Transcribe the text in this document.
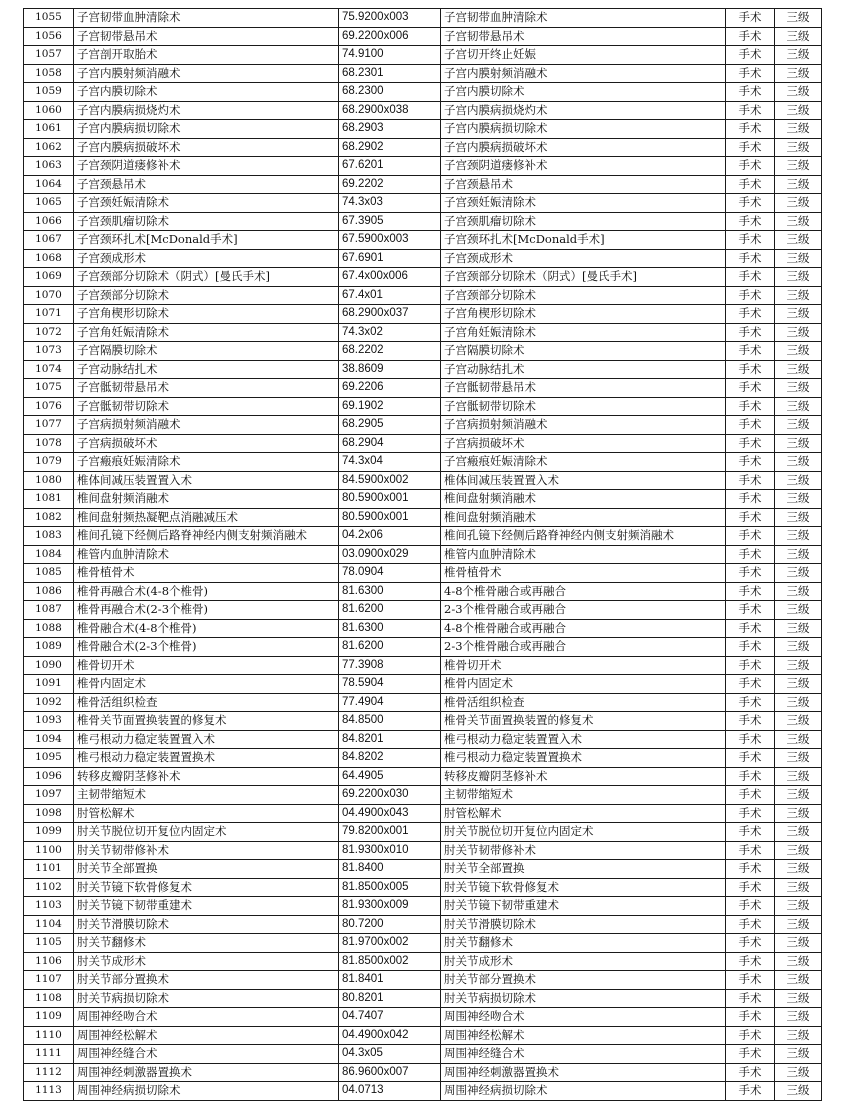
1055	子宫韧带血肿清除术	75.9200x003	子宫韧带血肿清除术	手术	三级
1056	子宫韧带悬吊术	69.2200x006	子宫韧带悬吊术	手术	三级
1057	子宫剖开取胎术	74.9100	子宫切开终止妊娠	手术	三级
1058	子宫内膜射频消融术	68.2301	子宫内膜射频消融术	手术	三级
1059	子宫内膜切除术	68.2300	子宫内膜切除术	手术	三级
1060	子宫内膜病损烧灼术	68.2900x038	子宫内膜病损烧灼术	手术	三级
1061	子宫内膜病损切除术	68.2903	子宫内膜病损切除术	手术	三级
1062	子宫内膜病损破坏术	68.2902	子宫内膜病损破坏术	手术	三级
1063	子宫颈阴道瘘修补术	67.6201	子宫颈阴道瘘修补术	手术	三级
1064	子宫颈悬吊术	69.2202	子宫颈悬吊术	手术	三级
1065	子宫颈妊娠清除术	74.3x03	子宫颈妊娠清除术	手术	三级
1066	子宫颈肌瘤切除术	67.3905	子宫颈肌瘤切除术	手术	三级
1067	子宫颈环扎术[McDonald手术]	67.5900x003	子宫颈环扎术[McDonald手术]	手术	三级
1068	子宫颈成形术	67.6901	子宫颈成形术	手术	三级
1069	子宫颈部分切除术（阴式）[曼氏手术]	67.4x00x006	子宫颈部分切除术（阴式）[曼氏手术]	手术	三级
1070	子宫颈部分切除术	67.4x01	子宫颈部分切除术	手术	三级
1071	子宫角楔形切除术	68.2900x037	子宫角楔形切除术	手术	三级
1072	子宫角妊娠清除术	74.3x02	子宫角妊娠清除术	手术	三级
1073	子宫隔膜切除术	68.2202	子宫隔膜切除术	手术	三级
1074	子宫动脉结扎术	38.8609	子宫动脉结扎术	手术	三级
1075	子宫骶韧带悬吊术	69.2206	子宫骶韧带悬吊术	手术	三级
1076	子宫骶韧带切除术	69.1902	子宫骶韧带切除术	手术	三级
1077	子宫病损射频消融术	68.2905	子宫病损射频消融术	手术	三级
1078	子宫病损破坏术	68.2904	子宫病损破坏术	手术	三级
1079	子宫瘢痕妊娠清除术	74.3x04	子宫瘢痕妊娠清除术	手术	三级
1080	椎体间减压装置置入术	84.5900x002	椎体间减压装置置入术	手术	三级
1081	椎间盘射频消融术	80.5900x001	椎间盘射频消融术	手术	三级
1082	椎间盘射频热凝靶点消融减压术	80.5900x001	椎间盘射频消融术	手术	三级
1083	椎间孔镜下经侧后路脊神经内侧支射频消融术	04.2x06	椎间孔镜下经侧后路脊神经内侧支射频消融术	手术	三级
1084	椎管内血肿清除术	03.0900x029	椎管内血肿清除术	手术	三级
1085	椎骨植骨术	78.0904	椎骨植骨术	手术	三级
1086	椎骨再融合术(4-8个椎骨)	81.6300	4-8个椎骨融合或再融合	手术	三级
1087	椎骨再融合术(2-3个椎骨)	81.6200	2-3个椎骨融合或再融合	手术	三级
1088	椎骨融合术(4-8个椎骨)	81.6300	4-8个椎骨融合或再融合	手术	三级
1089	椎骨融合术(2-3个椎骨)	81.6200	2-3个椎骨融合或再融合	手术	三级
1090	椎骨切开术	77.3908	椎骨切开术	手术	三级
1091	椎骨内固定术	78.5904	椎骨内固定术	手术	三级
1092	椎骨活组织检查	77.4904	椎骨活组织检查	手术	三级
1093	椎骨关节面置换装置的修复术	84.8500	椎骨关节面置换装置的修复术	手术	三级
1094	椎弓根动力稳定装置置入术	84.8201	椎弓根动力稳定装置置入术	手术	三级
1095	椎弓根动力稳定装置置换术	84.8202	椎弓根动力稳定装置置换术	手术	三级
1096	转移皮瓣阴茎修补术	64.4905	转移皮瓣阴茎修补术	手术	三级
1097	主韧带缩短术	69.2200x030	主韧带缩短术	手术	三级
1098	肘管松解术	04.4900x043	肘管松解术	手术	三级
1099	肘关节脱位切开复位内固定术	79.8200x001	肘关节脱位切开复位内固定术	手术	三级
1100	肘关节韧带修补术	81.9300x010	肘关节韧带修补术	手术	三级
1101	肘关节全部置换	81.8400	肘关节全部置换	手术	三级
1102	肘关节镜下软骨修复术	81.8500x005	肘关节镜下软骨修复术	手术	三级
1103	肘关节镜下韧带重建术	81.9300x009	肘关节镜下韧带重建术	手术	三级
1104	肘关节滑膜切除术	80.7200	肘关节滑膜切除术	手术	三级
1105	肘关节翻修术	81.9700x002	肘关节翻修术	手术	三级
1106	肘关节成形术	81.8500x002	肘关节成形术	手术	三级
1107	肘关节部分置换术	81.8401	肘关节部分置换术	手术	三级
1108	肘关节病损切除术	80.8201	肘关节病损切除术	手术	三级
1109	周围神经吻合术	04.7407	周围神经吻合术	手术	三级
1110	周围神经松解术	04.4900x042	周围神经松解术	手术	三级
1111	周围神经缝合术	04.3x05	周围神经缝合术	手术	三级
1112	周围神经刺激器置换术	86.9600x007	周围神经刺激器置换术	手术	三级
1113	周围神经病损切除术	04.0713	周围神经病损切除术	手术	三级
